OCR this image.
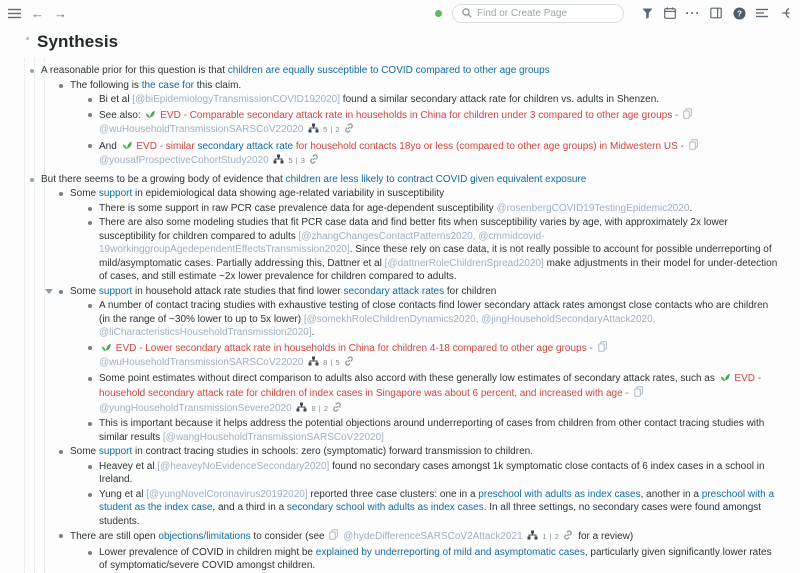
← →
Find or Create Page	···	?
Synthesis
A reasonable prior for this question is that children are equally susceptible to COVID compared to other age groups
The following is the case for this claim.
Bi et al [@biEpidemiologyTransmissionCOVID192020] found a similar secondary attack rate for children vs. adults in Shenzen.
See also:  EVD - Comparable secondary attack rate in households in China for children under 3 compared to other age groups -  @wuHouseholdTransmissionSARSCoV22020 5 | 2
And  EVD - similar secondary attack rate for household contacts 18yo or less (compared to other age groups) in Midwestern US -  @yousafProspectiveCohortStudy2020 5 | 3
But there seems to be a growing body of evidence that children are less likely to contract COVID given equivalent exposure
Some support in epidemiological data showing age-related variability in susceptibility
There is some support in raw PCR case prevalence data for age-dependent susceptibility @rosenbergCOVID19TestingEpidemic2020.
There are also some modeling studies that fit PCR case data and find better fits when susceptibility varies by age, with approximately 2x lower susceptibility for children compared to adults [@zhangChangesContactPatterns2020, @cmmidcovid-19workinggroupAgedependentEffectsTransmission2020]. Since these rely on case data, it is not really possible to account for possible underreporting of mild/asymptomatic cases. Partially addressing this, Dattner et al [@dattnerRoleChildrenSpread2020] make adjustments in their model for under-detection of cases, and still estimate ~2x lower prevalence for children compared to adults.
Some support in household attack rate studies that find lower secondary attack rates for children
A number of contact tracing studies with exhaustive testing of close contacts find lower secondary attack rates amongst close contacts who are children (in the range of ~30% lower to up to 5x lower) [@somekhRoleChildrenDynamics2020, @jingHouseholdSecondaryAttack2020, @liCharacteristicsHouseholdTransmission2020].
EVD - Lower secondary attack rate in households in China for children 4-18 compared to other age groups -  @wuHouseholdTransmissionSARSCoV22020 8 | 5
Some point estimates without direct comparison to adults also accord with these generally low estimates of secondary attack rates, such as  EVD - household secondary attack rate for children of index cases in Singapore was about 6 percent, and increased with age -  @yungHouseholdTransmissionSevere2020 8 | 2
This is important because it helps address the potential objections around underreporting of cases from children from other contact tracing studies with similar results [@wangHouseholdTransmissionSARSCoV22020]
Some support in contract tracing studies in schools: zero (symptomatic) forward transmission to children.
Heavey et al [@heaveyNoEvidenceSecondary2020] found no secondary cases amongst 1k symptomatic close contacts of 6 index cases in a school in Ireland.
Yung et al [@yungNovelCoronavirus20192020] reported three case clusters: one in a preschool with adults as index cases, another in a preschool with a student as the index case, and a third in a secondary school with adults as index cases. In all three settings, no secondary cases were found amongst students.
There are still open objections/limitations to consider (see  @hydeDifferenceSARSCoV2Attack2021 1 | 2 for a review)
Lower prevalence of COVID in children might be explained by underreporting of mild and asymptomatic cases, particularly given significantly lower rates of symptomatic/severe COVID amongst children.
